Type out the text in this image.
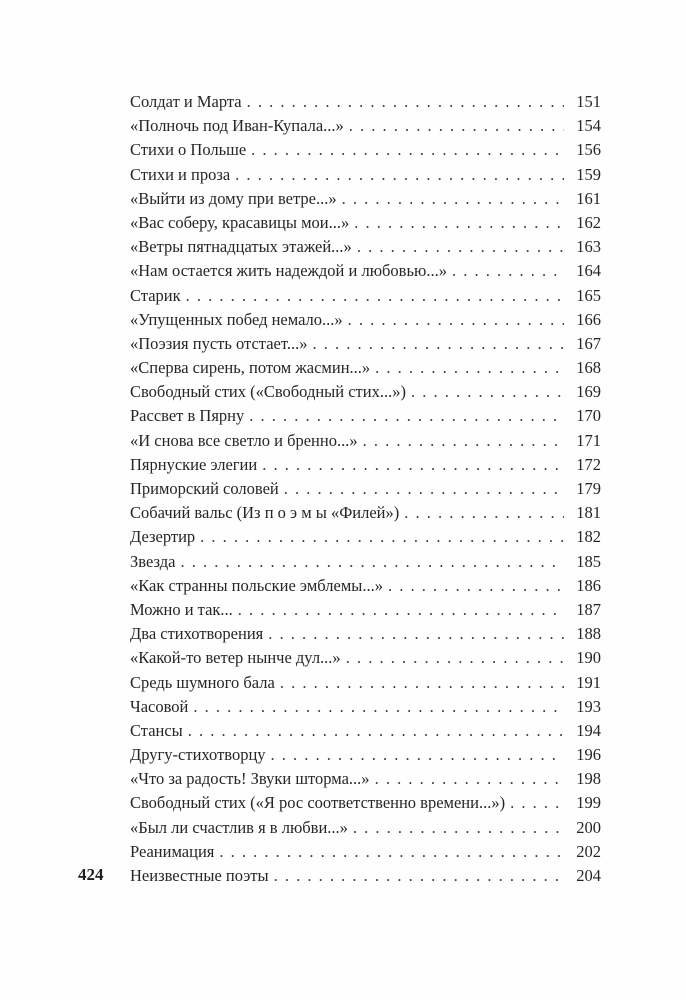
Солдат и Марта . . .	151
«Полночь под Иван-Купала...» . . .	154
Стихи о Польше . . .	156
Стихи и проза . . .	159
«Выйти из дому при ветре...» . . .	161
«Вас соберу, красавицы мои...» . . .	162
«Ветры пятнадцатых этажей...» . . .	163
«Нам остается жить надеждой и любовью...» . . .	164
Старик . . .	165
«Упущенных побед немало...» . . .	166
«Поэзия пусть отстает...» . . .	167
«Сперва сирень, потом жасмин...» . . .	168
Свободный стих («Свободный стих...») . . .	169
Рассвет в Пярну . . .	170
«И снова все светло и бренно...» . . .	171
Пярнуские элегии . . .	172
Приморский соловей . . .	179
Собачий вальс (Из п о э м ы «Филей») . . .	181
Дезертир . . .	182
Звезда . . .	185
«Как странны польские эмблемы...» . . .	186
Можно и так... . . .	187
Два стихотворения . . .	188
«Какой-то ветер нынче дул...» . . .	190
Средь шумного бала . . .	191
Часовой . . .	193
Стансы . . .	194
Другу-стихотворцу . . .	196
«Что за радость! Звуки шторма...» . . .	198
Свободный стих («Я рос соответственно времени...») . . .	199
«Был ли счастлив я в любви...» . . .	200
Реанимация . . .	202
Неизвестные поэты . . .	204
424
